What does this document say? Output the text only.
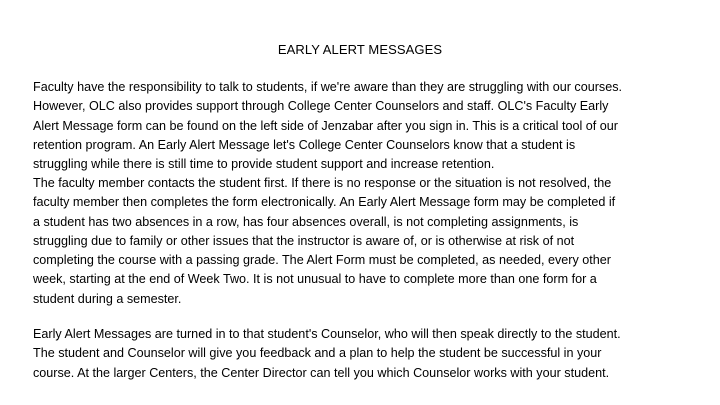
EARLY ALERT MESSAGES

Faculty have the responsibility to talk to students, if we're aware than they are struggling with our courses.
However, OLC also provides support through College Center Counselors and staff. OLC's Faculty Early
Alert Message form can be found on the left side of Jenzabar after you sign in. This is a critical tool of our
retention program. An Early Alert Message let's College Center Counselors know that a student is
struggling while there is still time to provide student support and increase retention.

The faculty member contacts the student first. If there is no response or the situation is not resolved, the
faculty member then completes the form electronically. An Early Alert Message form may be completed if
a student has two absences in a row, has four absences overall, is not completing assignments, is
struggling due to family or other issues that the instructor is aware of, or is otherwise at risk of not
completing the course with a passing grade. The Alert Form must be completed, as needed, every other
week, starting at the end of Week Two. It is not unusual to have to complete more than one form for a
student during a semester.

Early Alert Messages are turned in to that student's Counselor, who will then speak directly to the student.
The student and Counselor will give you feedback and a plan to help the student be successful in your
course. At the larger Centers, the Center Director can tell you which Counselor works with your student.
